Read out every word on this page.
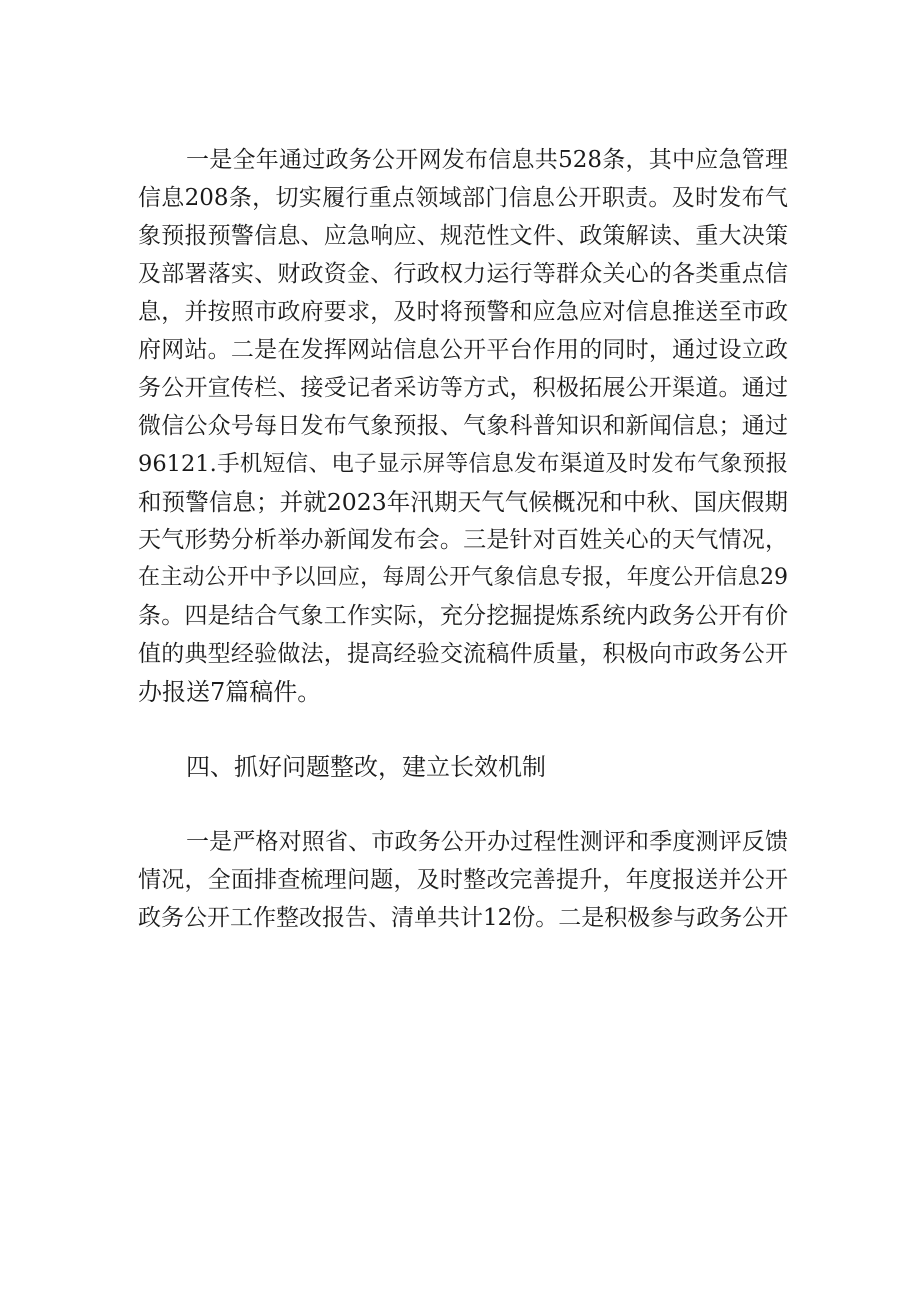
一是全年通过政务公开网发布信息共528条，其中应急管理
信息208条，切实履行重点领域部门信息公开职责。及时发布气
象预报预警信息、应急响应、规范性文件、政策解读、重大决策
及部署落实、财政资金、行政权力运行等群众关心的各类重点信
息，并按照市政府要求，及时将预警和应急应对信息推送至市政
府网站。二是在发挥网站信息公开平台作用的同时，通过设立政
务公开宣传栏、接受记者采访等方式，积极拓展公开渠道。通过
微信公众号每日发布气象预报、气象科普知识和新闻信息；通过
96121.手机短信、电子显示屏等信息发布渠道及时发布气象预报
和预警信息；并就2023年汛期天气气候概况和中秋、国庆假期
天气形势分析举办新闻发布会。三是针对百姓关心的天气情况，
在主动公开中予以回应，每周公开气象信息专报，年度公开信息29
条。四是结合气象工作实际，充分挖掘提炼系统内政务公开有价
值的典型经验做法，提高经验交流稿件质量，积极向市政务公开
办报送7篇稿件。
四、抓好问题整改，建立长效机制
一是严格对照省、市政务公开办过程性测评和季度测评反馈
情况，全面排查梳理问题，及时整改完善提升，年度报送并公开
政务公开工作整改报告、清单共计12份。二是积极参与政务公开
